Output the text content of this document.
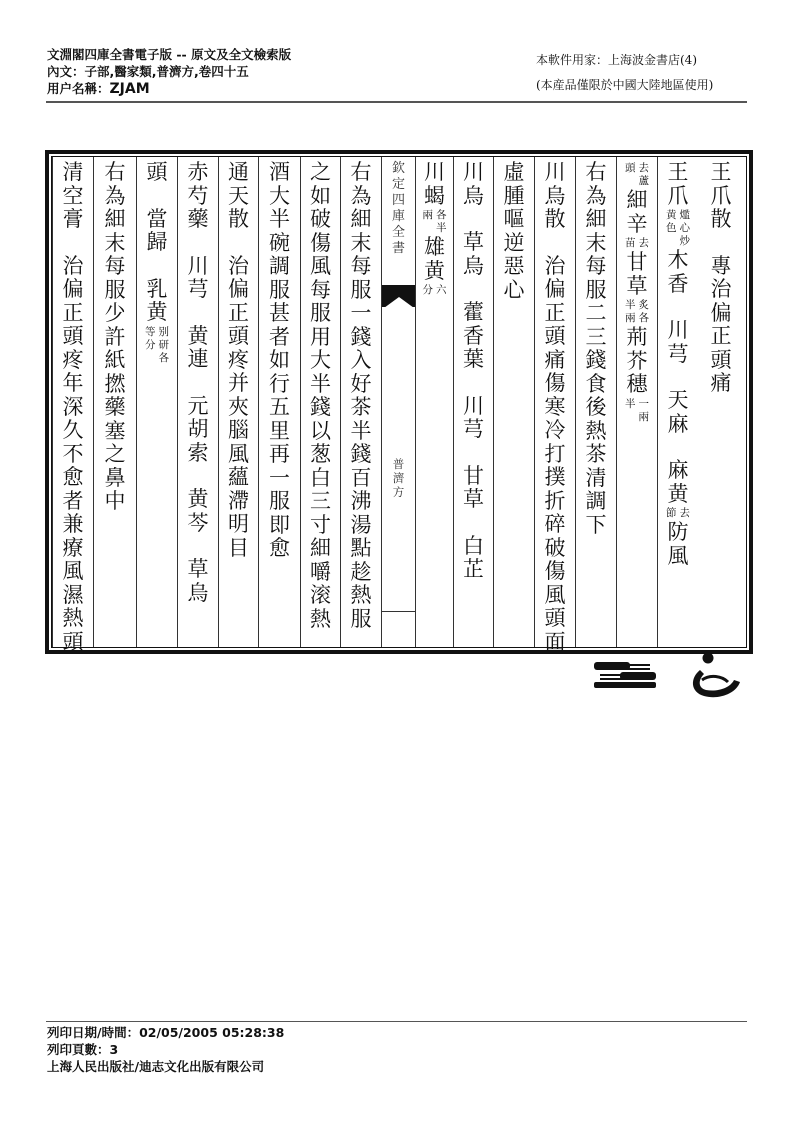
文淵閣四庫全書電子版 -- 原文及全文檢索版
內文：子部,醫家類,普濟方,卷四十五
用户名稱：ZJAM
本軟件用家：上海波金書店(4)
(本産品僅限於中國大陸地區使用)
欽
定
四
庫
全
書
普
濟
方
王
爪
散
專
治
偏
正
頭
痛
王
爪
爁
心
炒
黄
色
木
香
川
芎
天
麻
麻
黄
去
節
防
風
去
蘆
頭
細
辛
去
苗
甘
草
炙
各
半
兩
荊
芥
穗
一
兩
半
右
為
細
末
每
服
二
三
錢
食
後
熱
茶
清
調
下
川
烏
散
治
偏
正
頭
痛
傷
寒
冷
打
撲
折
碎
破
傷
風
頭
面
虛
腫
嘔
逆
惡
心
川
烏
草
烏
藿
香
葉
川
芎
甘
草
白
芷
川
蝎
各
半
兩
雄
黄
六
分
右
為
細
末
每
服
一
錢
入
好
茶
半
錢
百
沸
湯
點
趁
熱
服
之
如
破
傷
風
每
服
用
大
半
錢
以
葱
白
三
寸
細
嚼
滚
熱
酒
大
半
碗
調
服
甚
者
如
行
五
里
再
一
服
即
愈
通
天
散
治
偏
正
頭
疼
并
夾
腦
風
蘊
滯
明
目
赤
芍
藥
川
芎
黄
連
元
胡
索
黄
芩
草
烏
頭
當
歸
乳
黄
别
研
各
等
分
右
為
細
末
每
服
少
許
紙
撚
藥
塞
之
鼻
中
清
空
膏
治
偏
正
頭
疼
年
深
久
不
愈
者
兼
療
風
濕
熱
頭
列印日期/時間：02/05/2005 05:28:38
列印頁數：3
上海人民出版社/迪志文化出版有限公司
